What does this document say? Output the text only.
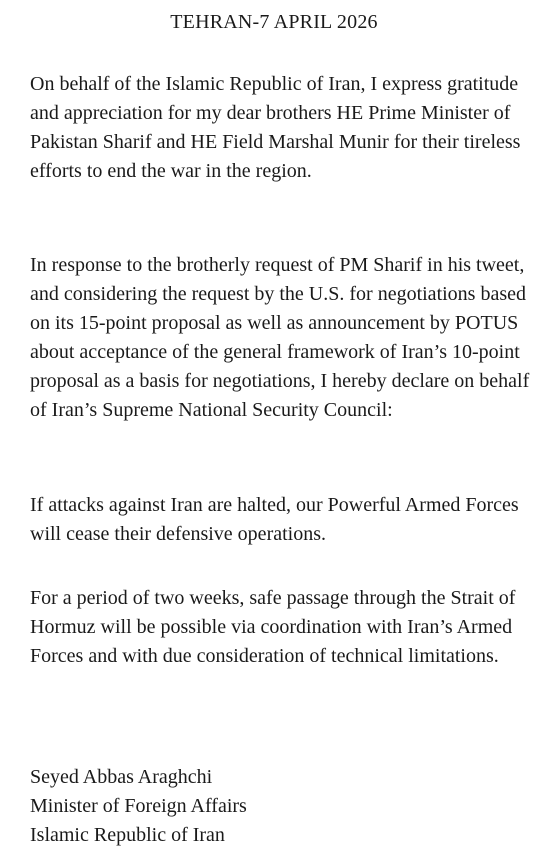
TEHRAN-7 APRIL 2026

On behalf of the Islamic Republic of Iran, I express gratitude and appreciation for my dear brothers HE Prime Minister of Pakistan Sharif and HE Field Marshal Munir for their tireless efforts to end the war in the region.

In response to the brotherly request of PM Sharif in his tweet, and considering the request by the U.S. for negotiations based on its 15-point proposal as well as announcement by POTUS about acceptance of the general framework of Iran’s 10-point proposal as a basis for negotiations, I hereby declare on behalf of Iran’s Supreme National Security Council:

If attacks against Iran are halted, our Powerful Armed Forces will cease their defensive operations.

For a period of two weeks, safe passage through the Strait of Hormuz will be possible via coordination with Iran’s Armed Forces and with due consideration of technical limitations.

Seyed Abbas Araghchi
Minister of Foreign Affairs
Islamic Republic of Iran
